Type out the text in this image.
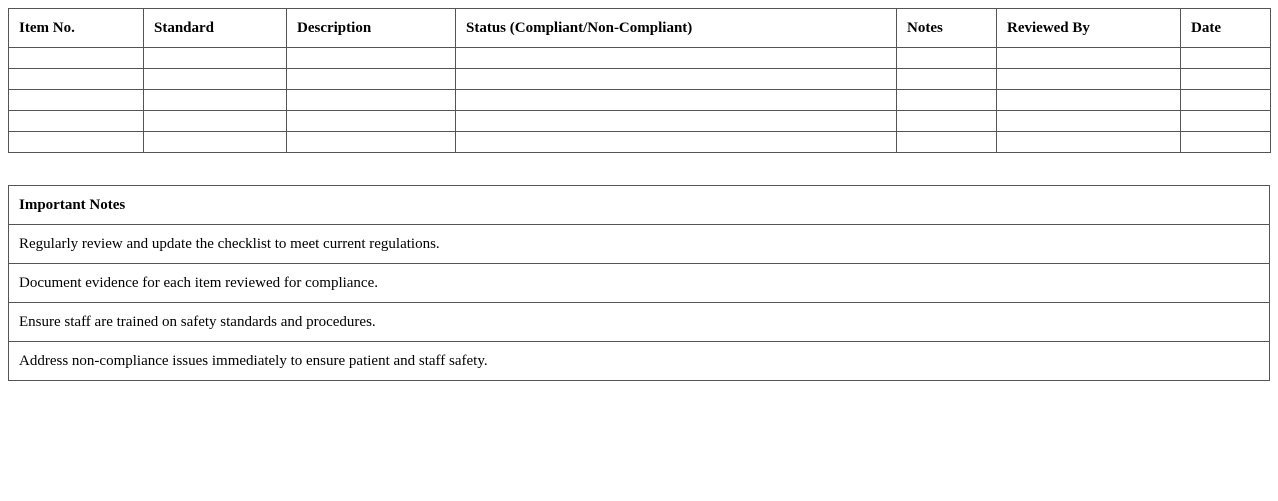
Item No.	Standard	Description	Status (Compliant/Non-Compliant)	Notes	Reviewed By	Date

Important Notes
Regularly review and update the checklist to meet current regulations.
Document evidence for each item reviewed for compliance.
Ensure staff are trained on safety standards and procedures.
Address non-compliance issues immediately to ensure patient and staff safety.
